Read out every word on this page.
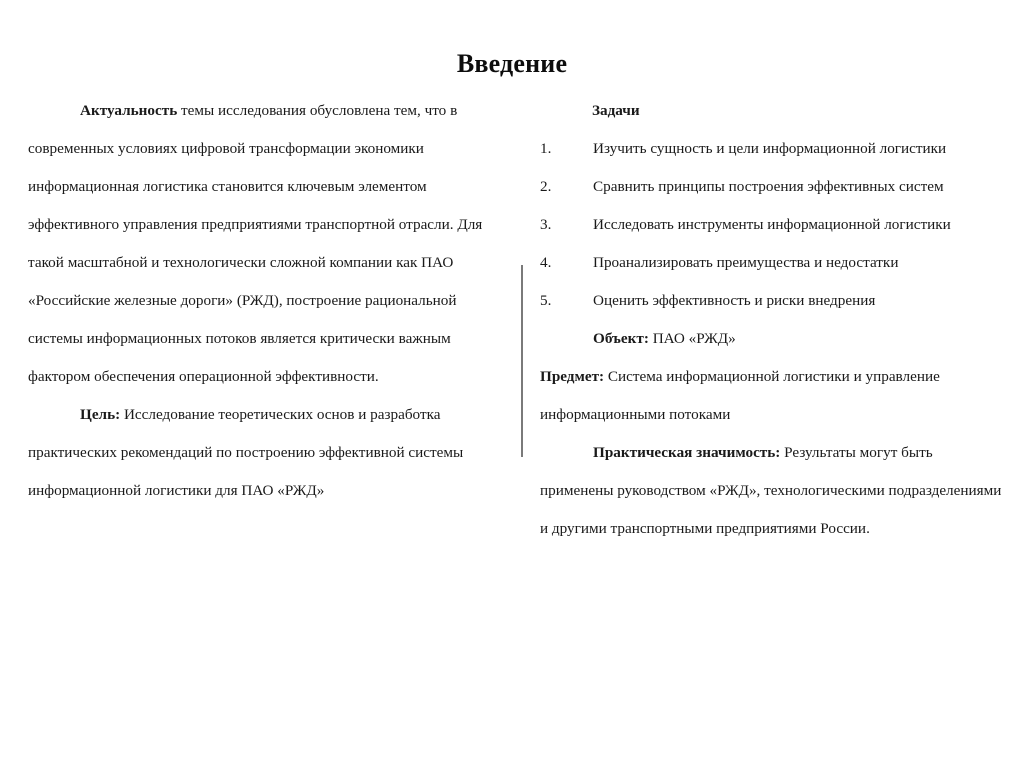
Введение

Актуальность темы исследования обусловлена тем, что в современных условиях цифровой трансформации экономики информационная логистика становится ключевым элементом эффективного управления предприятиями транспортной отрасли. Для такой масштабной и технологически сложной компании как ПАО «Российские железные дороги» (РЖД), построение рациональной системы информационных потоков является критически важным фактором обеспечения операционной эффективности.

Цель: Исследование теоретических основ и разработка практических рекомендаций по построению эффективной системы информационной логистики для ПАО «РЖД»

Задачи

1.	Изучить сущность и цели информационной логистики
2.	Сравнить принципы построения эффективных систем
3.	Исследовать инструменты информационной логистики
4.	Проанализировать преимущества и недостатки
5.	Оценить эффективность и риски внедрения

Объект: ПАО «РЖД»

Предмет: Система информационной логистики и управление информационными потоками

Практическая значимость: Результаты могут быть применены руководством «РЖД», технологическими подразделениями и другими транспортными предприятиями России.
